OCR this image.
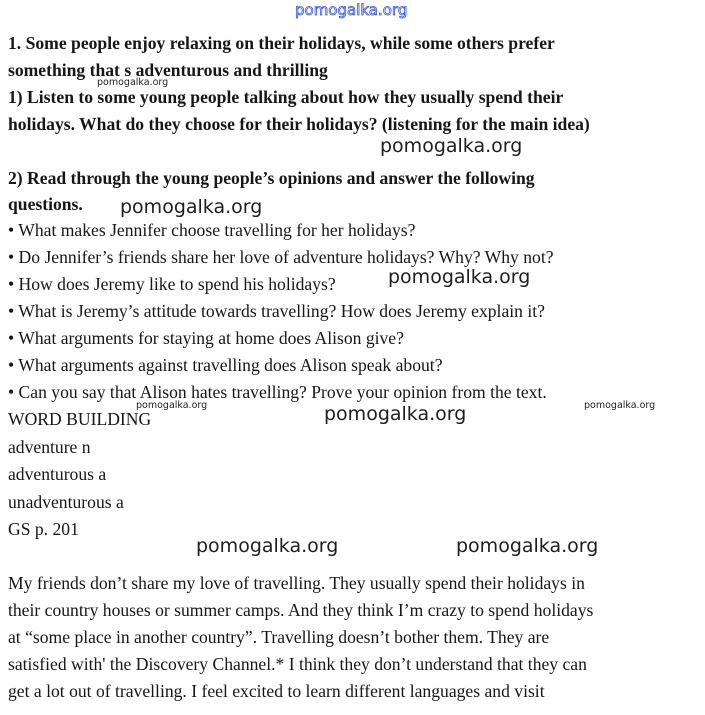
pomogalka.org
1. Some people enjoy relaxing on their holidays, while some others prefer
something that s adventurous and thrilling
pomogalka.org
1) Listen to some young people talking about how they usually spend their
holidays. What do they choose for their holidays? (listening for the main idea)
pomogalka.org
2) Read through the young people’s opinions and answer the following
questions. pomogalka.org
• What makes Jennifer choose travelling for her holidays?
• Do Jennifer’s friends share her love of adventure holidays? Why? Why not?
• How does Jeremy like to spend his holidays?	pomogalka.org
• What is Jeremy’s attitude towards travelling? How does Jeremy explain it?
• What arguments for staying at home does Alison give?
• What arguments against travelling does Alison speak about?
• Can you say that Alison hates travelling? Prove your opinion from the text.
WORD BUILDING
pomogalka.org	pomogalka.org	pomogalka.org
adventure n
adventurous a
unadventurous a
GS p. 201
pomogalka.org	pomogalka.org
My friends don’t share my love of travelling. They usually spend their holidays in
their country houses or summer camps. And they think I’m crazy to spend holidays
at “some place in another country”. Travelling doesn’t bother them. They are
satisfied with' the Discovery Channel.* I think they don’t understand that they can
get a lot out of travelling. I feel excited to learn different languages and visit
